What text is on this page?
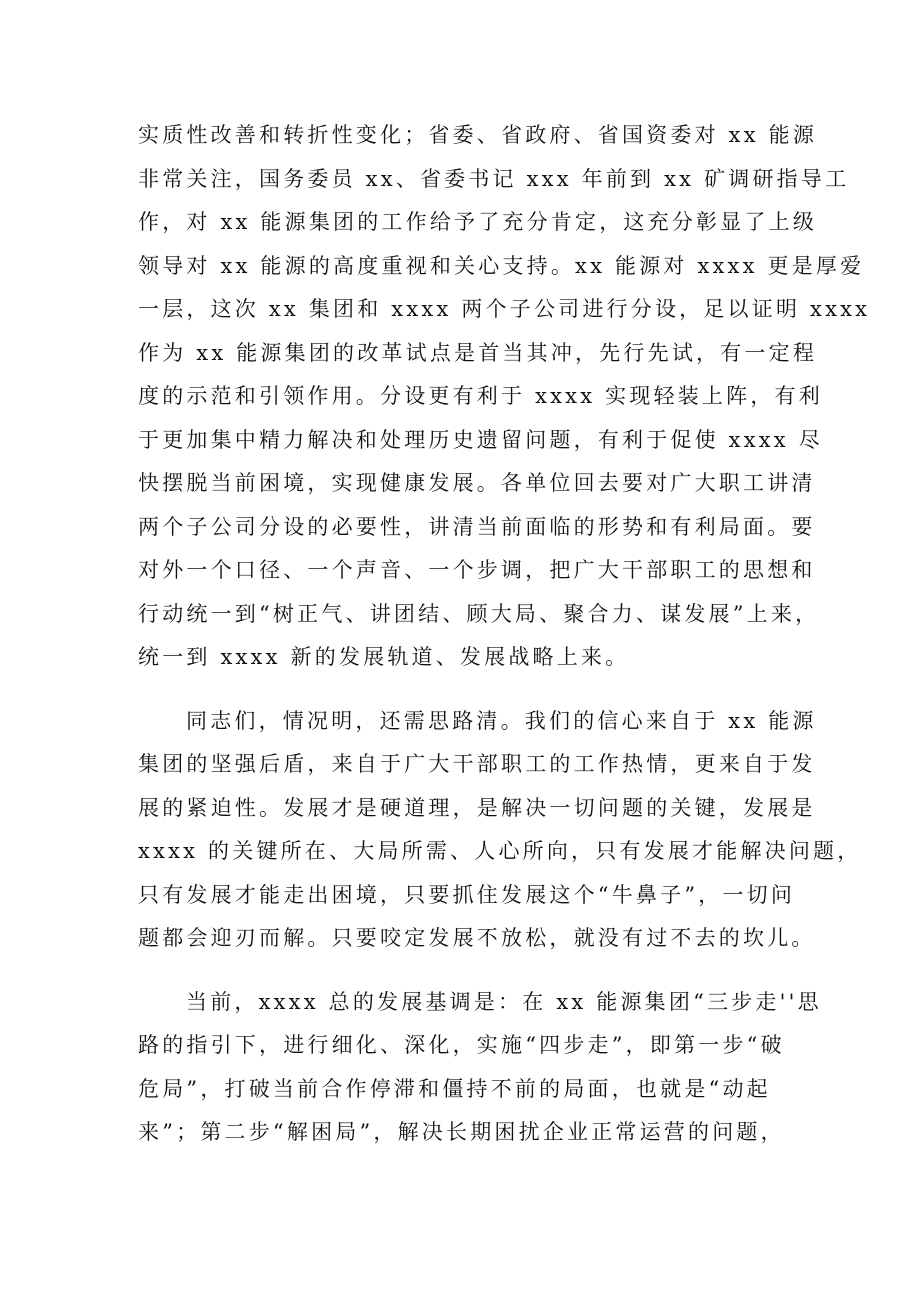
实质性改善和转折性变化；省委、省政府、省国资委对 xx 能源
非常关注，国务委员 xx、省委书记 xxx 年前到 xx 矿调研指导工
作，对 xx 能源集团的工作给予了充分肯定，这充分彰显了上级
领导对 xx 能源的高度重视和关心支持。xx 能源对 xxxx 更是厚爱
一层，这次 xx 集团和 xxxx 两个子公司进行分设，足以证明 xxxx
作为 xx 能源集团的改革试点是首当其冲，先行先试，有一定程
度的示范和引领作用。分设更有利于 xxxx 实现轻装上阵，有利
于更加集中精力解决和处理历史遗留问题，有利于促使 xxxx 尽
快摆脱当前困境，实现健康发展。各单位回去要对广大职工讲清
两个子公司分设的必要性，讲清当前面临的形势和有利局面。要
对外一个口径、一个声音、一个步调，把广大干部职工的思想和
行动统一到“树正气、讲团结、顾大局、聚合力、谋发展”上来，
统一到 xxxx 新的发展轨道、发展战略上来。
同志们，情况明，还需思路清。我们的信心来自于 xx 能源
集团的坚强后盾，来自于广大干部职工的工作热情，更来自于发
展的紧迫性。发展才是硬道理，是解决一切问题的关键，发展是
xxxx 的关键所在、大局所需、人心所向，只有发展才能解决问题，
只有发展才能走出困境，只要抓住发展这个“牛鼻子”，一切问
题都会迎刃而解。只要咬定发展不放松，就没有过不去的坎儿。
当前，xxxx 总的发展基调是：在 xx 能源集团“三步走''思
路的指引下，进行细化、深化，实施“四步走”，即第一步“破
危局”，打破当前合作停滞和僵持不前的局面，也就是“动起
来”；第二步“解困局”，解决长期困扰企业正常运营的问题，
